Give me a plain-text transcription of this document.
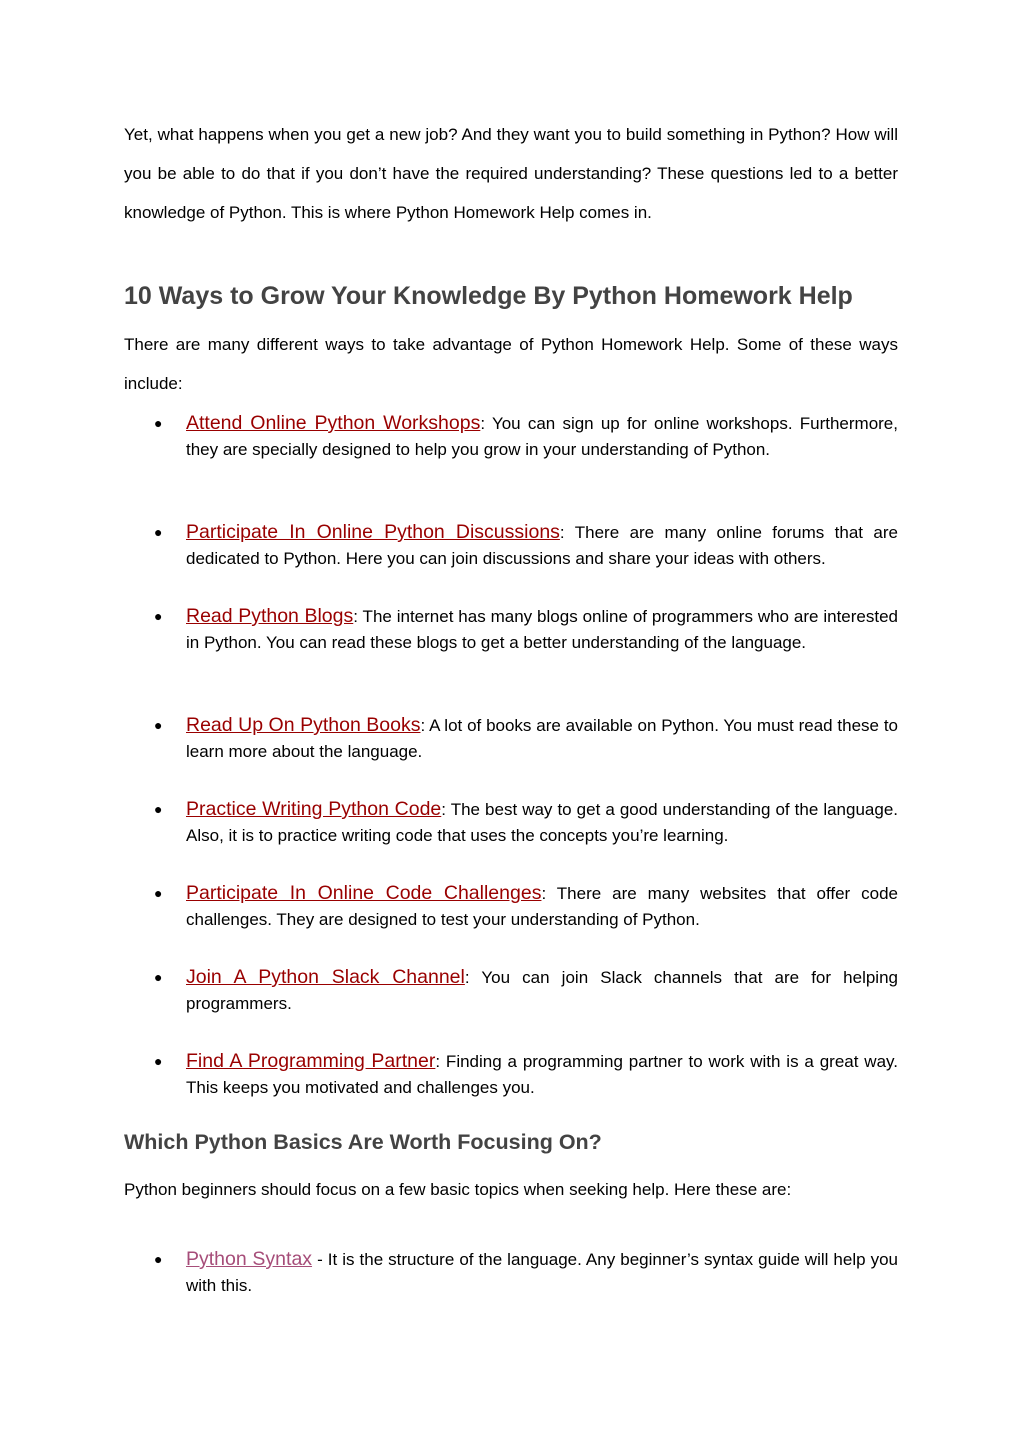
Yet, what happens when you get a new job? And they want you to build something in Python? How will you be able to do that if you don’t have the required understanding? These questions led to a better knowledge of Python. This is where Python Homework Help comes in.

10 Ways to Grow Your Knowledge By Python Homework Help

There are many different ways to take advantage of Python Homework Help. Some of these ways include:

● Attend Online Python Workshops: You can sign up for online workshops. Furthermore, they are specially designed to help you grow in your understanding of Python.
● Participate In Online Python Discussions: There are many online forums that are dedicated to Python. Here you can join discussions and share your ideas with others.
● Read Python Blogs: The internet has many blogs online of programmers who are interested in Python. You can read these blogs to get a better understanding of the language.
● Read Up On Python Books: A lot of books are available on Python. You must read these to learn more about the language.
● Practice Writing Python Code: The best way to get a good understanding of the language. Also, it is to practice writing code that uses the concepts you’re learning.
● Participate In Online Code Challenges: There are many websites that offer code challenges. They are designed to test your understanding of Python.
● Join A Python Slack Channel: You can join Slack channels that are for helping programmers.
● Find A Programming Partner: Finding a programming partner to work with is a great way. This keeps you motivated and challenges you.
Which Python Basics Are Worth Focusing On?

Python beginners should focus on a few basic topics when seeking help. Here these are:

● Python Syntax - It is the structure of the language. Any beginner’s syntax guide will help you with this.
